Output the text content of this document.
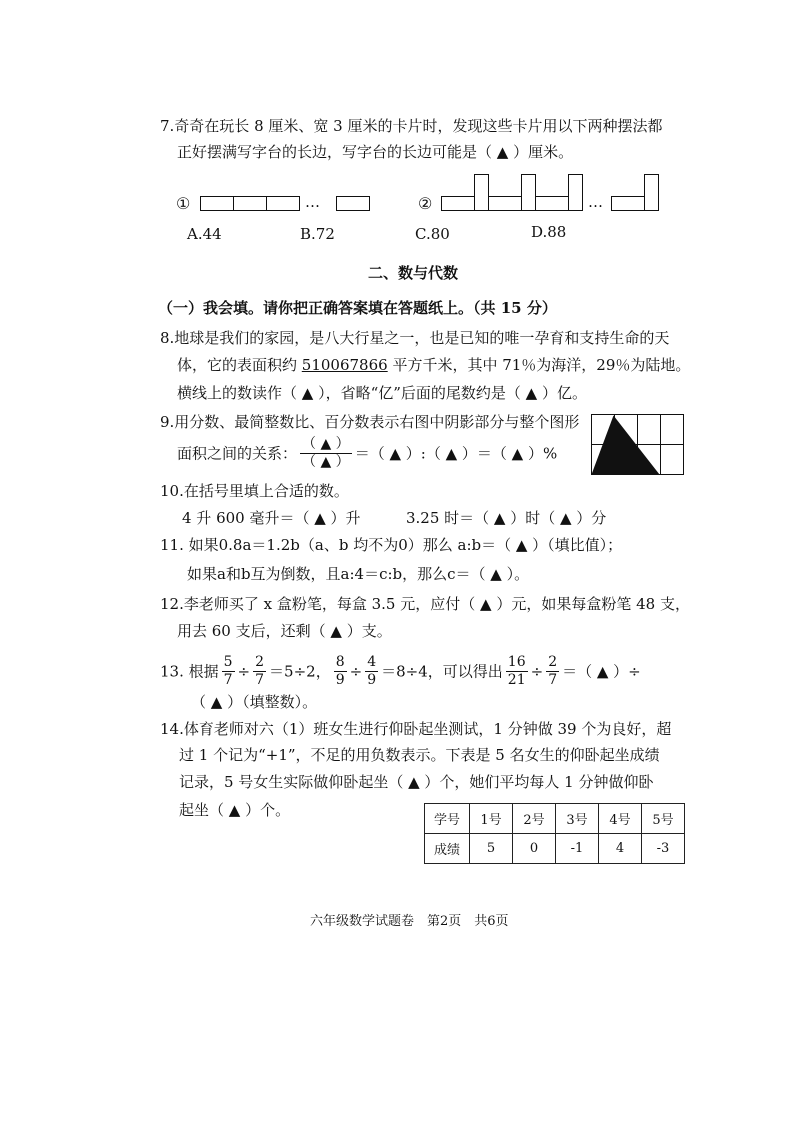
7.奇奇在玩长 8 厘米、宽 3 厘米的卡片时，发现这些卡片用以下两种摆法都
正好摆满写字台的长边，写字台的长边可能是（ ▲ ）厘米。
①	…	②	…
A.44	B.72	C.80	D.88
二、数与代数
（一）我会填。请你把正确答案填在答题纸上。（共 15 分）
8.地球是我们的家园，是八大行星之一，也是已知的唯一孕育和支持生命的天
体，它的表面积约 510067866 平方千米，其中 71％为海洋，29％为陆地。
横线上的数读作（ ▲ ），省略“亿”后面的尾数约是（ ▲ ）亿。
9.用分数、最简整数比、百分数表示右图中阴影部分与整个图形
面积之间的关系： $\frac{( ▲ )}{( ▲ )}$ ＝（ ▲ ）:（ ▲ ）＝（ ▲ ）%
10.在括号里填上合适的数。
4 升 600 毫升＝（ ▲ ）升	3.25 时＝（ ▲ ）时（ ▲ ）分
11. 如果0.8a＝1.2b（a、b 均不为0）那么 a:b＝（ ▲ ）（填比值）；
如果a和b互为倒数，且a:4＝c:b，那么c＝（ ▲ ）。
12.李老师买了 x 盒粉笔，每盒 3.5 元，应付（ ▲ ）元，如果每盒粉笔 48 支，
用去 60 支后，还剩（ ▲ ）支。
13. 根据 $\frac{5}{7} \div \frac{2}{7} =5\div 2$， $\frac{8}{9} \div \frac{4}{9} =8\div 4$，可以得出 $\frac{16}{21} \div \frac{2}{7}$ ＝（ ▲ ）÷
（ ▲ ）（填整数）。
14.体育老师对六（1）班女生进行仰卧起坐测试，1 分钟做 39 个为良好，超
过 1 个记为“+1”，不足的用负数表示。下表是 5 名女生的仰卧起坐成绩
记录，5 号女生实际做仰卧起坐（ ▲ ）个，她们平均每人 1 分钟做仰卧
起坐（ ▲ ）个。
学号	1号	2号	3号	4号	5号
成绩	5	0	-1	4	-3
六年级数学试题卷　第2页　共6页
